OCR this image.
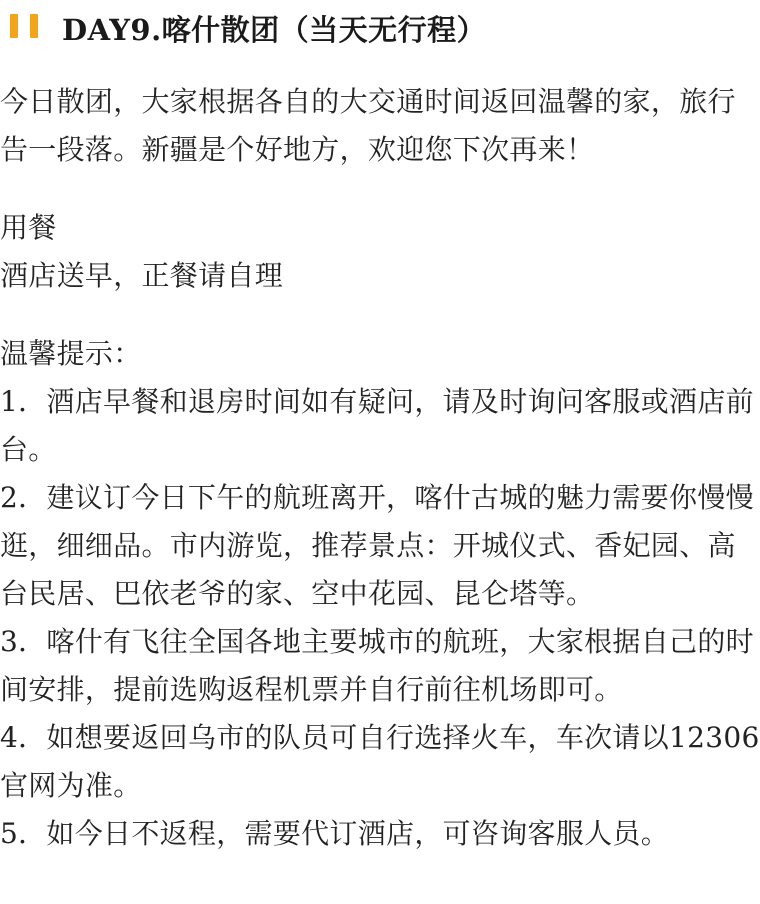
DAY9.喀什散团（当天无行程）

今日散团，大家根据各自的大交通时间返回温馨的家，旅行告一段落。新疆是个好地方，欢迎您下次再来！

用餐

酒店送早，正餐请自理

温馨提示：

1．酒店早餐和退房时间如有疑问，请及时询问客服或酒店前台。

2．建议订今日下午的航班离开，喀什古城的魅力需要你慢慢逛，细细品。市内游览，推荐景点：开城仪式、香妃园、高台民居、巴依老爷的家、空中花园、昆仑塔等。

3．喀什有飞往全国各地主要城市的航班，大家根据自己的时间安排，提前选购返程机票并自行前往机场即可。

4．如想要返回乌市的队员可自行选择火车，车次请以12306官网为准。

5．如今日不返程，需要代订酒店，可咨询客服人员。
